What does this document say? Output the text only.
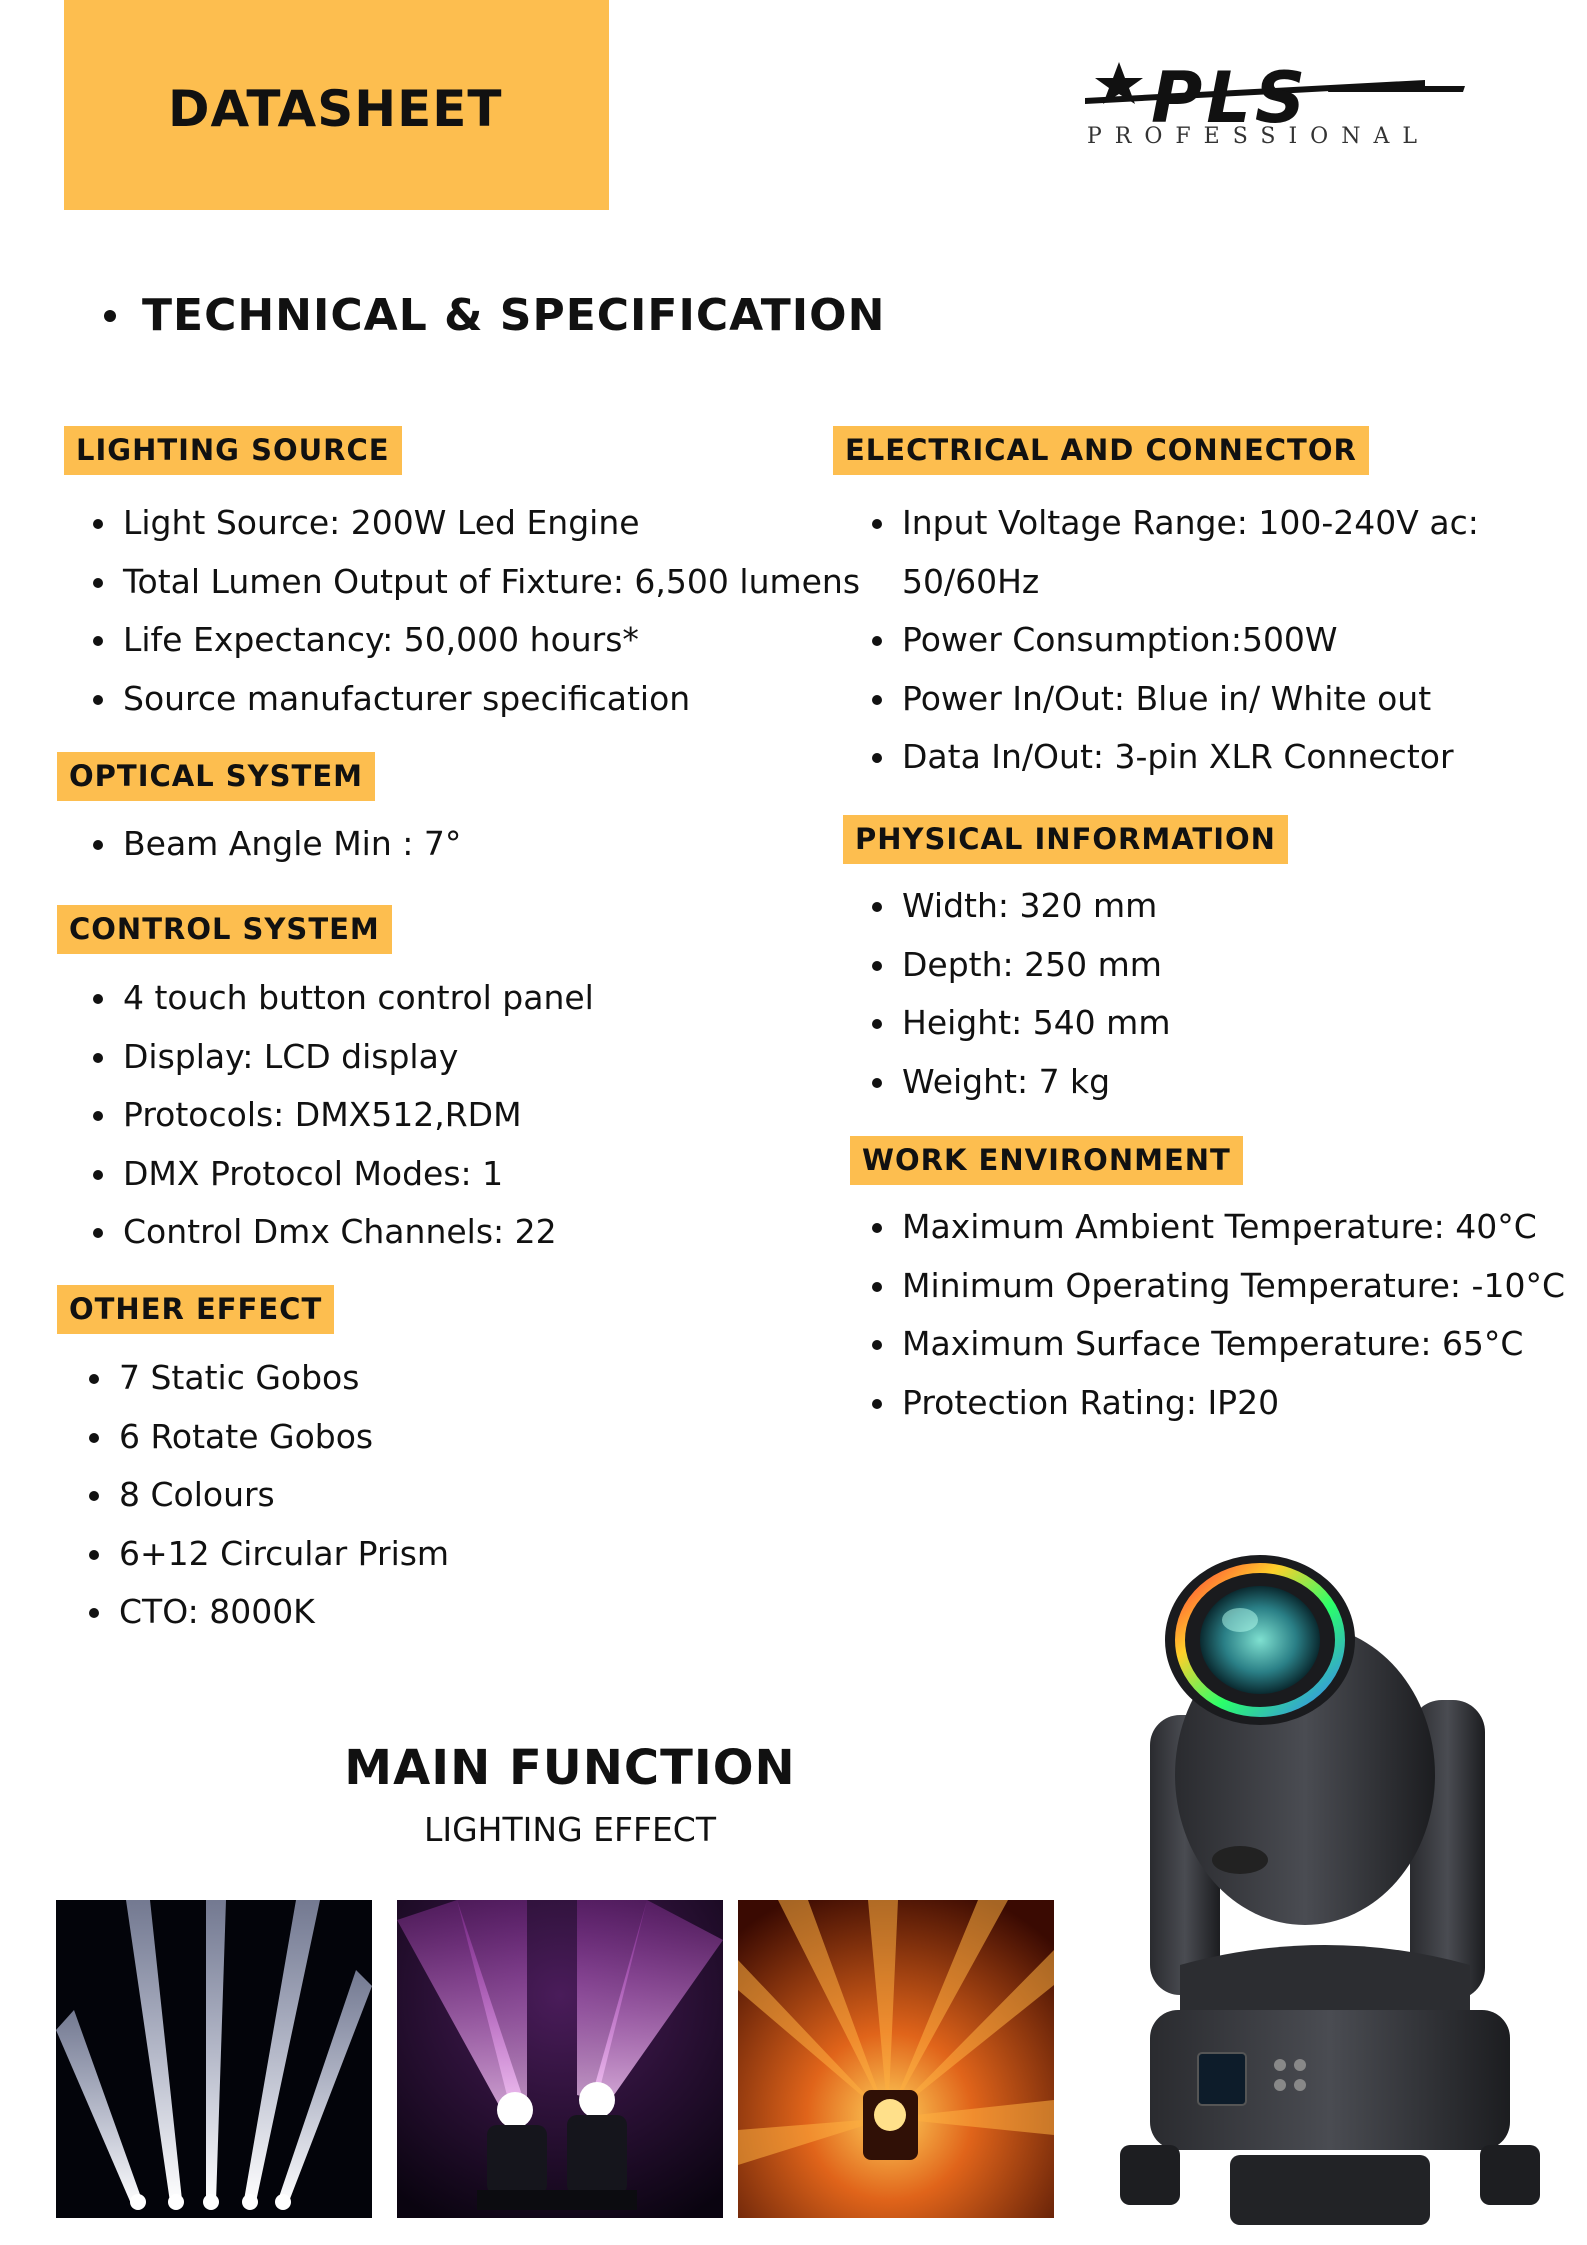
DATASHEET	PLS
PROFESSIONAL
TECHNICAL & SPECIFICATION
LIGHTING SOURCE
Light Source: 200W Led Engine
Total Lumen Output of Fixture: 6,500 lumens
Life Expectancy: 50,000 hours*
Source manufacturer specification
OPTICAL SYSTEM
Beam Angle Min : 7°
CONTROL SYSTEM
4 touch button control panel
Display: LCD display
Protocols: DMX512,RDM
DMX Protocol Modes: 1
Control Dmx Channels: 22
OTHER EFFECT
7 Static Gobos
6 Rotate Gobos
8 Colours
6+12 Circular Prism
CTO: 8000K
ELECTRICAL AND CONNECTOR
Input Voltage Range: 100-240V ac:
50/60Hz
Power Consumption:500W
Power In/Out: Blue in/ White out
Data In/Out: 3-pin XLR Connector
PHYSICAL INFORMATION
Width: 320 mm
Depth: 250 mm
Height: 540 mm
Weight: 7 kg
WORK ENVIRONMENT
Maximum Ambient Temperature: 40°C
Minimum Operating Temperature: -10°C
Maximum Surface Temperature: 65°C
Protection Rating: IP20
MAIN FUNCTION
LIGHTING EFFECT
